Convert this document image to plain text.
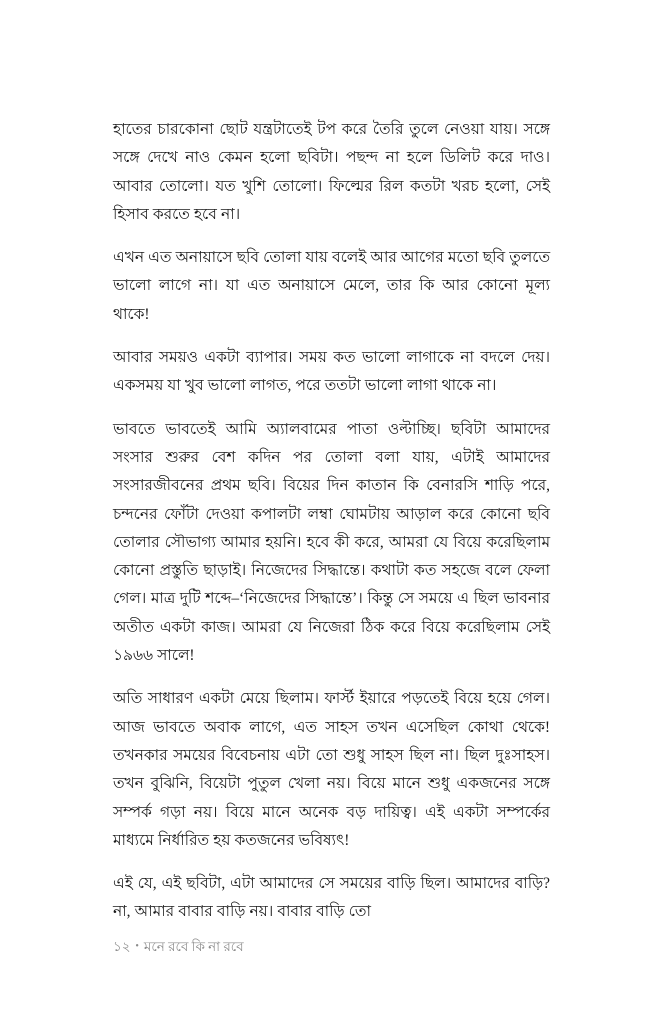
হাতের চারকোনা ছোট যন্ত্রটাতেই টপ করে তৈরি তুলে নেওয়া যায়। সঙ্গে সঙ্গে দেখে নাও কেমন হলো ছবিটা। পছন্দ না হলে ডিলিট করে দাও। আবার তোলো। যত খুশি তোলো। ফিল্মের রিল কতটা খরচ হলো, সেই হিসাব করতে হবে না।

এখন এত অনায়াসে ছবি তোলা যায় বলেই আর আগের মতো ছবি তুলতে ভালো লাগে না। যা এত অনায়াসে মেলে, তার কি আর কোনো মূল্য থাকে!

আবার সময়ও একটা ব্যাপার। সময় কত ভালো লাগাকে না বদলে দেয়। একসময় যা খুব ভালো লাগত, পরে ততটা ভালো লাগা থাকে না।

ভাবতে ভাবতেই আমি অ্যালবামের পাতা ওল্টাচ্ছি। ছবিটা আমাদের সংসার শুরুর বেশ কদিন পর তোলা বলা যায়, এটাই আমাদের সংসারজীবনের প্রথম ছবি। বিয়ের দিন কাতান কি বেনারসি শাড়ি পরে, চন্দনের ফোঁটা দেওয়া কপালটা লম্বা ঘোমটায় আড়াল করে কোনো ছবি তোলার সৌভাগ্য আমার হয়নি। হবে কী করে, আমরা যে বিয়ে করেছিলাম কোনো প্রস্তুতি ছাড়াই। নিজেদের সিদ্ধান্তে। কথাটা কত সহজে বলে ফেলা গেল। মাত্র দুটি শব্দে–‘নিজেদের সিদ্ধান্তে’। কিন্তু সে সময়ে এ ছিল ভাবনার অতীত একটা কাজ। আমরা যে নিজেরা ঠিক করে বিয়ে করেছিলাম সেই ১৯৬৬ সালে!

অতি সাধারণ একটা মেয়ে ছিলাম। ফার্স্ট ইয়ারে পড়তেই বিয়ে হয়ে গেল। আজ ভাবতে অবাক লাগে, এত সাহস তখন এসেছিল কোথা থেকে! তখনকার সময়ের বিবেচনায় এটা তো শুধু সাহস ছিল না। ছিল দুঃসাহস। তখন বুঝিনি, বিয়েটা পুতুল খেলা নয়। বিয়ে মানে শুধু একজনের সঙ্গে সম্পর্ক গড়া নয়। বিয়ে মানে অনেক বড় দায়িত্ব। এই একটা সম্পর্কের মাধ্যমে নির্ধারিত হয় কতজনের ভবিষ্যৎ!

এই যে, এই ছবিটা, এটা আমাদের সে সময়ের বাড়ি ছিল। আমাদের বাড়ি? না, আমার বাবার বাড়ি নয়। বাবার বাড়ি তো

১২ • মনে রবে কি না রবে
